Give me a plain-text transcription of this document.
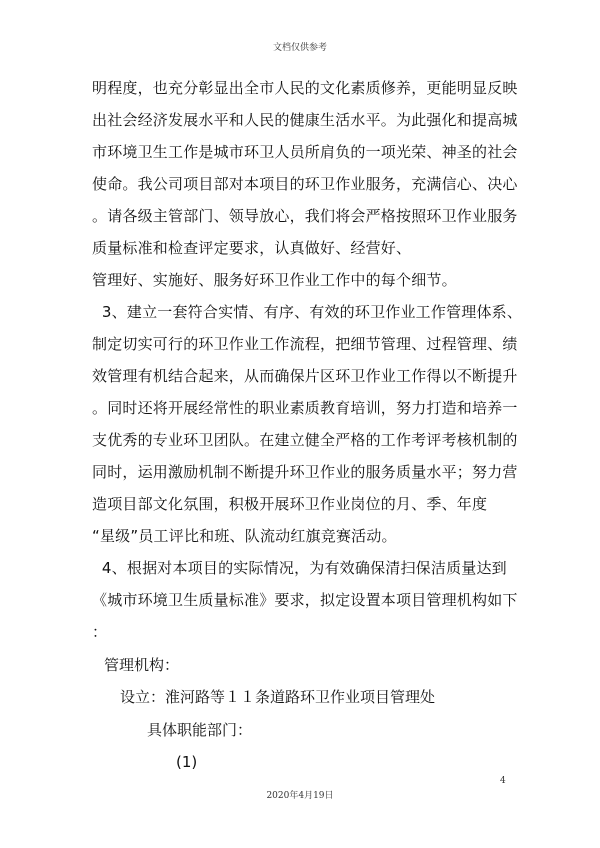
文档仅供参考
明程度，也充分彰显出全市人民的文化素质修养，更能明显反映
出社会经济发展水平和人民的健康生活水平。为此强化和提高城
市环境卫生工作是城市环卫人员所肩负的一项光荣、神圣的社会
使命。我公司项目部对本项目的环卫作业服务，充满信心、决心
。请各级主管部门、领导放心，我们将会严格按照环卫作业服务
质量标准和检查评定要求，认真做好、经营好、
管理好、实施好、服务好环卫作业工作中的每个细节。
3、建立一套符合实情、有序、有效的环卫作业工作管理体系、
制定切实可行的环卫作业工作流程，把细节管理、过程管理、绩
效管理有机结合起来，从而确保片区环卫作业工作得以不断提升
。同时还将开展经常性的职业素质教育培训，努力打造和培养一
支优秀的专业环卫团队。在建立健全严格的工作考评考核机制的
同时，运用激励机制不断提升环卫作业的服务质量水平；努力营
造项目部文化氛围，积极开展环卫作业岗位的月、季、年度
“星级”员工评比和班、队流动红旗竞赛活动。
4、根据对本项目的实际情况，为有效确保清扫保洁质量达到
《城市环境卫生质量标准》要求，拟定设置本项目管理机构如下
：
管理机构：
设立：淮河路等１１条道路环卫作业项目管理处
具体职能部门：
(1)
4
2020年4月19日
